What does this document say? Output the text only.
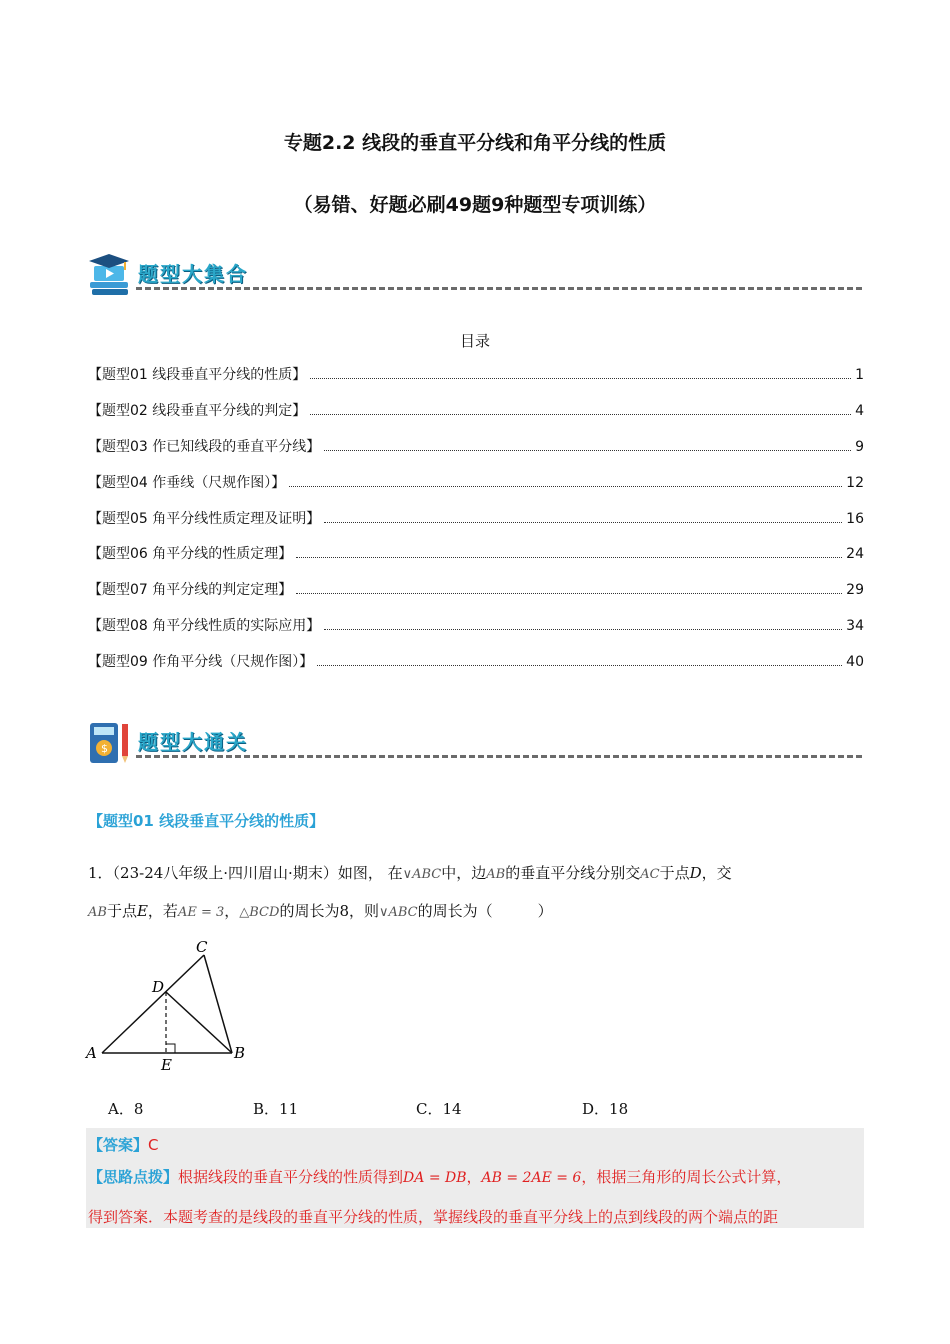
专题2.2 线段的垂直平分线和角平分线的性质
（易错、好题必刷49题9种题型专项训练）
题型大集合
目录
【题型01 线段垂直平分线的性质】	1
【题型02 线段垂直平分线的判定】	4
【题型03 作已知线段的垂直平分线】	9
【题型04 作垂线（尺规作图）】	12
【题型05 角平分线性质定理及证明】	16
【题型06 角平分线的性质定理】	24
【题型07 角平分线的判定定理】	29
【题型08 角平分线性质的实际应用】	34
【题型09 作角平分线（尺规作图）】	40
$ 题型大通关
【题型01 线段垂直平分线的性质】
1．（23-24八年级上·四川眉山·期末）如图， 在∨ABC中，边AB的垂直平分线分别交AC于点D，交
AB于点E，若AE = 3，△BCD的周长为8，则∨ABC的周长为（　　　）
A	B
C
D
E
A．8	B．11	C．14	D．18
【答案】C
【思路点拨】根据线段的垂直平分线的性质得到DA = DB，AB = 2AE = 6，根据三角形的周长公式计算，
得到答案．本题考查的是线段的垂直平分线的性质，掌握线段的垂直平分线上的点到线段的两个端点的距
